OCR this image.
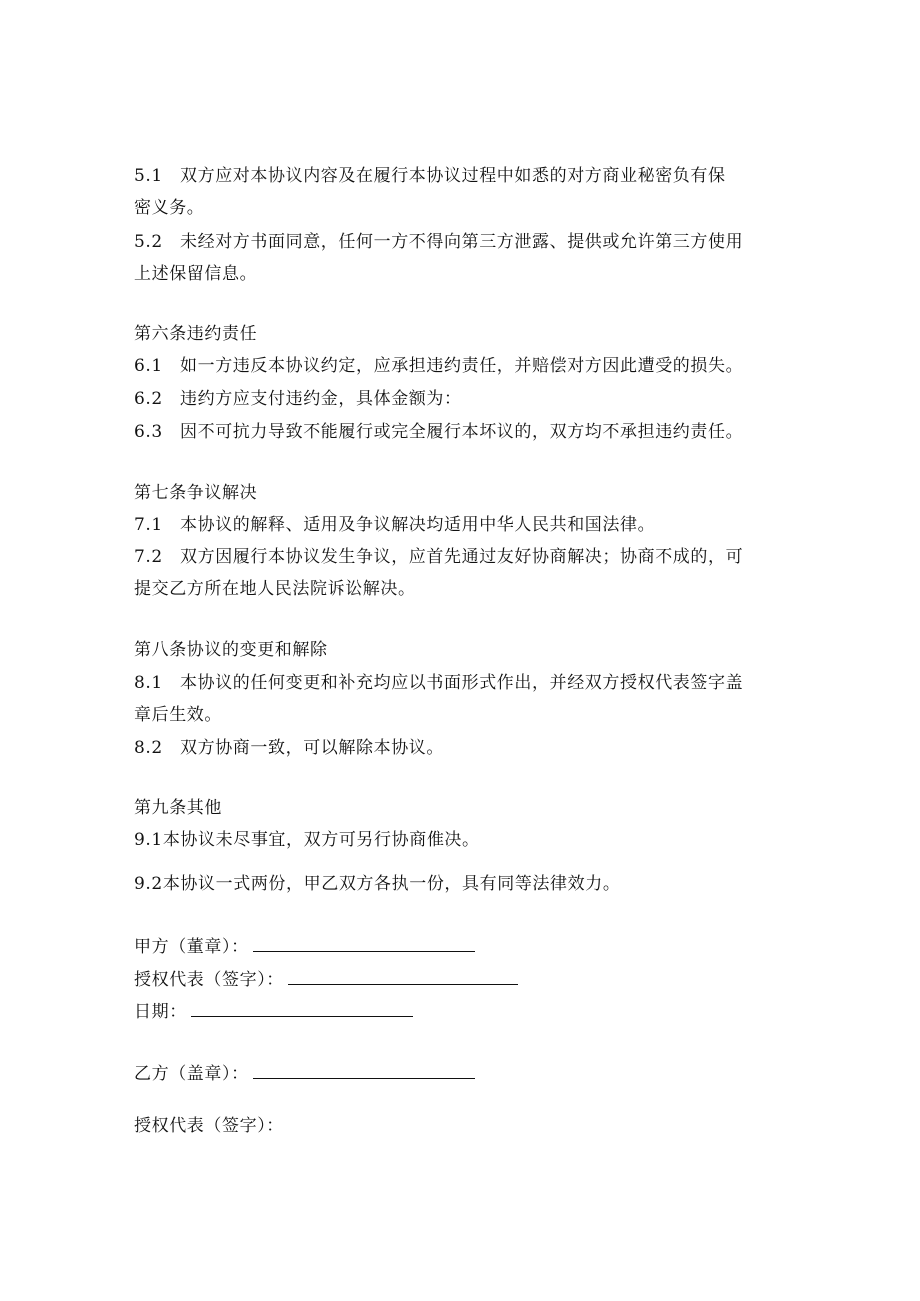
5.1 双方应对本协议内容及在履行本协议过程中如悉的对方商业秘密负有保
密义务。
5.2 未经对方书面同意，任何一方不得向第三方泄露、提供或允许第三方使用
上述保留信息。
第六条违约责任
6.1 如一方违反本协议约定，应承担违约责任，并赔偿对方因此遭受的损失。
6.2 违约方应支付违约金，具体金额为：
6.3 因不可抗力导致不能履行或完全履行本坏议的，双方均不承担违约责任。
第七条争议解决
7.1 本协议的解释、适用及争议解决均适用中华人民共和国法律。
7.2 双方因履行本协议发生争议，应首先通过友好协商解决；协商不成的，可
提交乙方所在地人民法院诉讼解决。
第八条协议的变更和解除
8.1 本协议的任何变更和补充均应以书面形式作出，并经双方授权代表签字盖
章后生效。
8.2 双方协商一致，可以解除本协议。
第九条其他
9.1本协议未尽事宜，双方可另行协商倠决。
9.2本协议一式两份，甲乙双方各执一份，具有同等法律效力。
甲方（董章）：
授权代表（签字）：
日期：
乙方（盖章）：
授权代表（签字）：
